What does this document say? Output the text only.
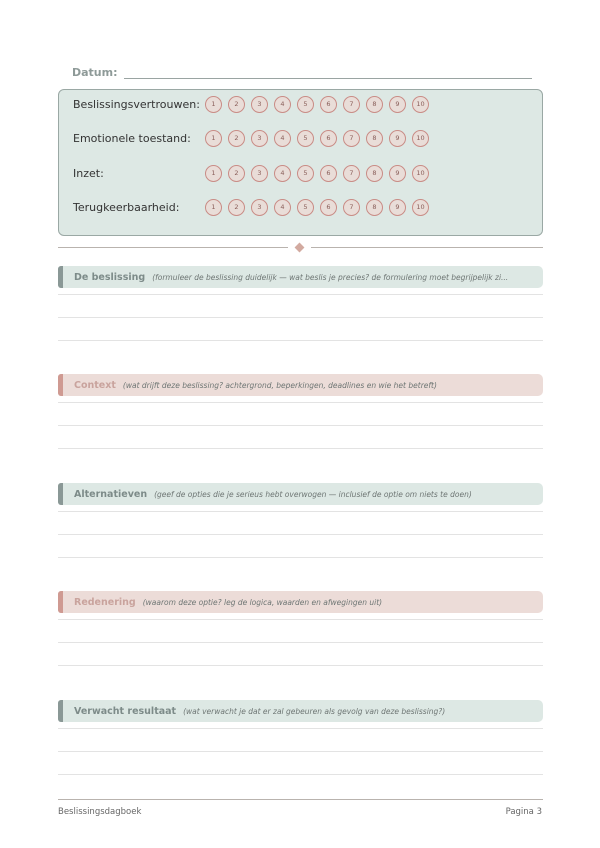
Datum:
Beslissingsvertrouwen:	1	2	3	4	5	6	7	8	9	10
Emotionele toestand:	1	2	3	4	5	6	7	8	9	10
Inzet:	1	2	3	4	5	6	7	8	9	10
Terugkeerbaarheid:	1	2	3	4	5	6	7	8	9	10
De beslissing (formuleer de beslissing duidelijk — wat beslis je precies? de formulering moet begrijpelijk zi...
Context (wat drijft deze beslissing? achtergrond, beperkingen, deadlines en wie het betreft)
Alternatieven (geef de opties die je serieus hebt overwogen — inclusief de optie om niets te doen)
Redenering (waarom deze optie? leg de logica, waarden en afwegingen uit)
Verwacht resultaat (wat verwacht je dat er zal gebeuren als gevolg van deze beslissing?)
Beslissingsdagboek	Pagina 3
